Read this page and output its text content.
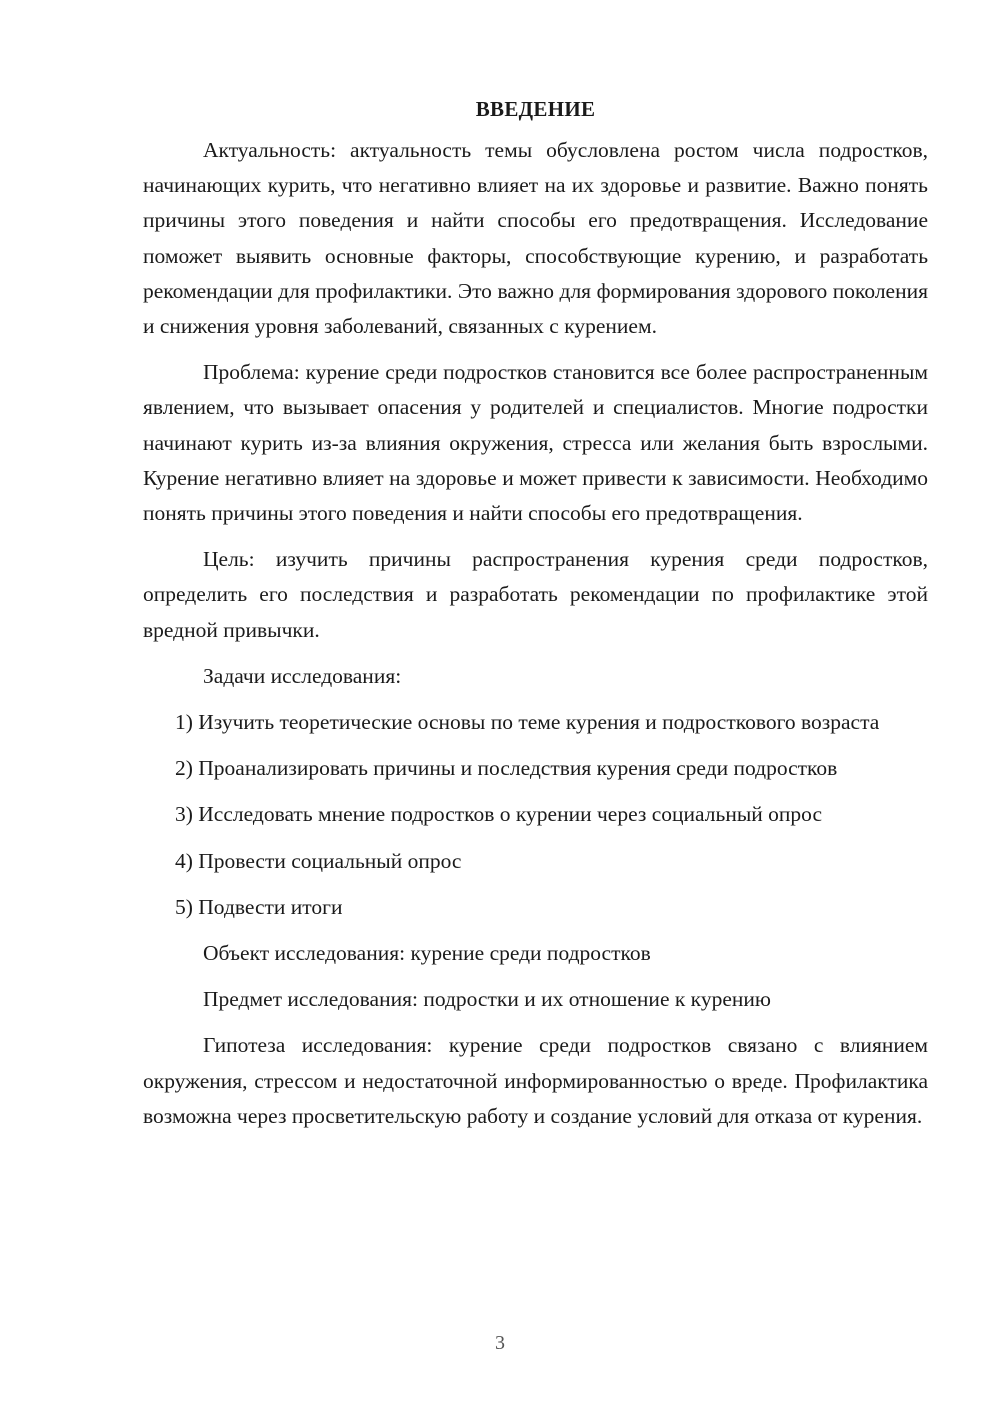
ВВЕДЕНИЕ

Актуальность: актуальность темы обусловлена ростом числа подростков, начинающих курить, что негативно влияет на их здоровье и развитие. Важно понять причины этого поведения и найти способы его предотвращения. Исследование поможет выявить основные факторы, способствующие курению, и разработать рекомендации для профилактики. Это важно для формирования здорового поколения и снижения уровня заболеваний, связанных с курением.

Проблема: курение среди подростков становится все более распространенным явлением, что вызывает опасения у родителей и специалистов. Многие подростки начинают курить из-за влияния окружения, стресса или желания быть взрослыми. Курение негативно влияет на здоровье и может привести к зависимости. Необходимо понять причины этого поведения и найти способы его предотвращения.

Цель: изучить причины распространения курения среди подростков, определить его последствия и разработать рекомендации по профилактике этой вредной привычки.

Задачи исследования:

1) Изучить теоретические основы по теме курения и подросткового возраста

2) Проанализировать причины и последствия курения среди подростков

3) Исследовать мнение подростков о курении через социальный опрос

4) Провести социальный опрос

5) Подвести итоги

Объект исследования: курение среди подростков

Предмет исследования: подростки и их отношение к курению

Гипотеза исследования: курение среди подростков связано с влиянием окружения, стрессом и недостаточной информированностью о вреде. Профилактика возможна через просветительскую работу и создание условий для отказа от курения.

3
